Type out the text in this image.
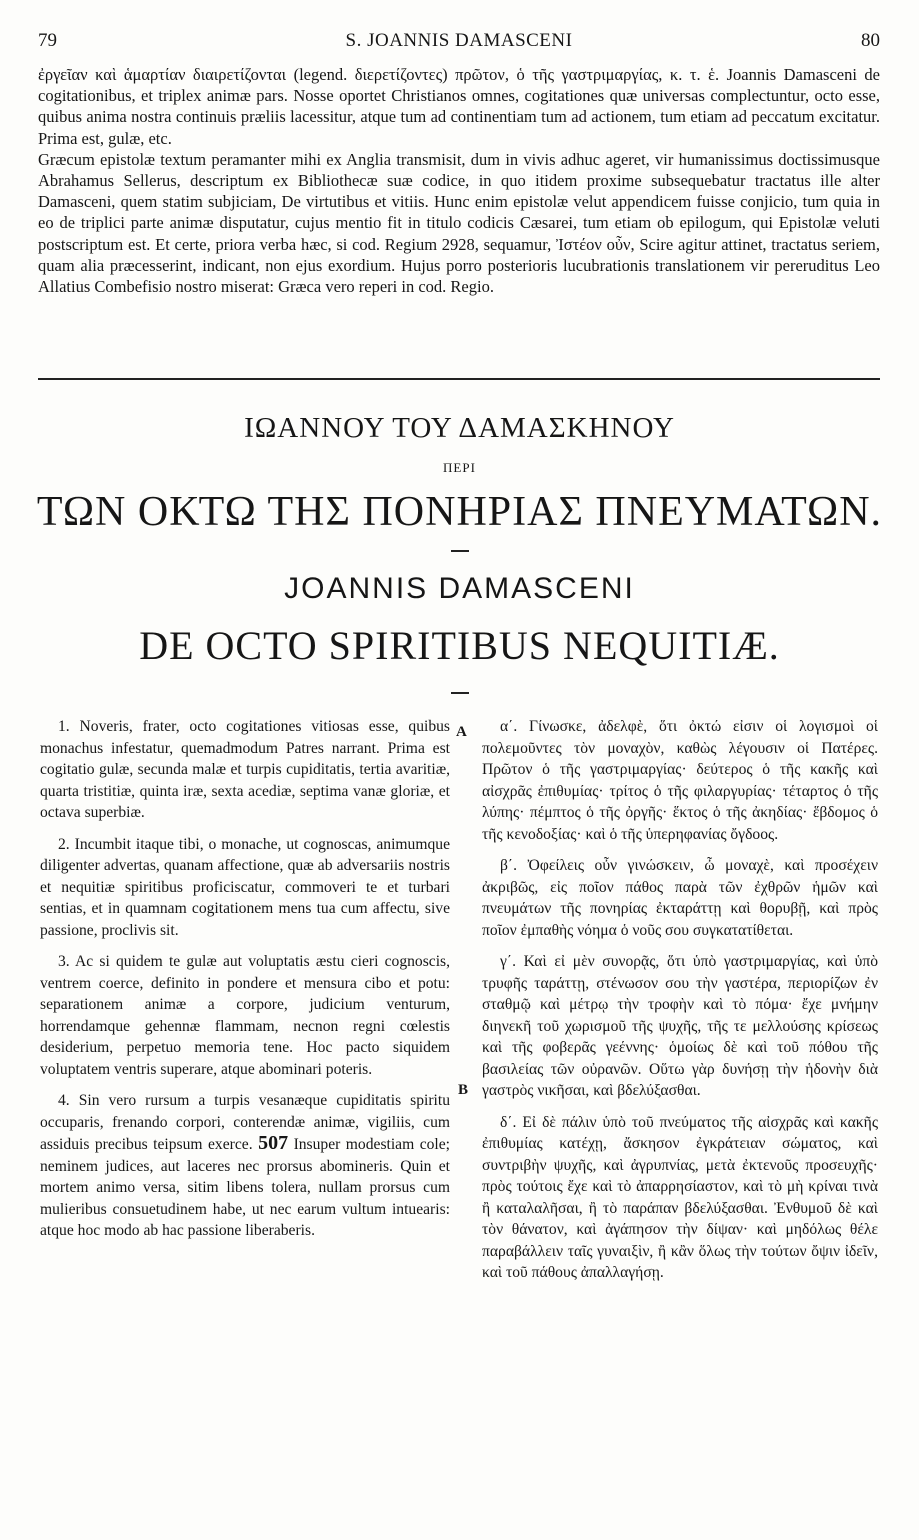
79	S. JOANNIS DAMASCENI	80

ἐργεῖαν καὶ ἁμαρτίαν διαιρετίζονται (legend. διερετίζοντες) πρῶτον, ὁ τῆς γαστριμαργίας, κ. τ. ἑ. Joannis Damasceni de cogitationibus, et triplex animæ pars. Nosse oportet Christianos omnes, cogitationes quæ universas complectuntur, octo esse, quibus anima nostra continuis præliis lacessitur, atque tum ad continentiam tum ad actionem, tum etiam ad peccatum excitatur. Prima est, gulæ, etc.

Græcum epistolæ textum peramanter mihi ex Anglia transmisit, dum in vivis adhuc ageret, vir humanissimus doctissimusque Abrahamus Sellerus, descriptum ex Bibliothecæ suæ codice, in quo itidem proxime subsequebatur tractatus ille alter Damasceni, quem statim subjiciam, De virtutibus et vitiis. Hunc enim epistolæ velut appendicem fuisse conjicio, tum quia in eo de triplici parte animæ disputatur, cujus mentio fit in titulo codicis Cæsarei, tum etiam ob epilogum, qui Epistolæ veluti postscriptum est. Et certe, priora verba hæc, si cod. Regium 2928, sequamur, Ἰστέον οὖν, Scire agitur attinet, tractatus seriem, quam alia præcesserint, indicant, non ejus exordium. Hujus porro posterioris lucubrationis translationem vir pereruditus Leo Allatius Combefisio nostro miserat: Græca vero reperi in cod. Regio.

ΙΩΑΝΝΟΥ ΤΟΥ ΔΑΜΑΣΚΗΝΟΥ
ΠΕΡΙ
ΤΩΝ ΟΚΤΩ ΤΗΣ ΠΟΝΗΡΙΑΣ ΠΝΕΥΜΑΤΩΝ.
JOANNIS DAMASCENI
DE OCTO SPIRITIBUS NEQUITIÆ.

1. Noveris, frater, octo cogitationes vitiosas esse, quibus monachus infestatur, quemadmodum Patres narrant. Prima est cogitatio gulæ, secunda malæ et turpis cupiditatis, tertia avaritiæ, quarta tristitiæ, quinta iræ, sexta acediæ, septima vanæ gloriæ, et octava superbiæ.

2. Incumbit itaque tibi, o monache, ut cognoscas, animumque diligenter advertas, quanam affectione, quæ ab adversariis nostris et nequitiæ spiritibus proficiscatur, commoveri te et turbari sentias, et in quamnam cogitationem mens tua cum affectu, sive passione, proclivis sit.

3. Ac si quidem te gulæ aut voluptatis æstu cieri cognoscis, ventrem coerce, definito in pondere et mensura cibo et potu: separationem animæ a corpore, judicium venturum, horrendamque gehennæ flammam, necnon regni cœlestis desiderium, perpetuo memoria tene. Hoc pacto siquidem voluptatem ventris superare, atque abominari poteris.

4. Sin vero rursum a turpis vesanæque cupiditatis spiritu occuparis, frenando corpori, conterendæ animæ, vigiliis, cum assiduis precibus teipsum exerce. 507 Insuper modestiam cole; neminem judices, aut laceres nec prorsus abominеris. Quin et mortem animo versa, sitim libens tolera, nullam prorsus cum mulieribus consuetudinem habe, ut nec earum vultum intuearis: atque hoc modo ab hac passione liberaberis.

A
B

α΄. Γίνωσκε, ἀδελφὲ, ὅτι ὀκτώ εἰσιν οἱ λογισμοὶ οἱ πολεμοῦντες τὸν μοναχὸν, καθὼς λέγουσιν οἱ Πατέρες. Πρῶτον ὁ τῆς γαστριμαργίας· δεύτερος ὁ τῆς κακῆς καὶ αἰσχρᾶς ἐπιθυμίας· τρίτος ὁ τῆς φιλαργυρίας· τέταρτος ὁ τῆς λύπης· πέμπτος ὁ τῆς ὀργῆς· ἕκτος ὁ τῆς ἀκηδίας· ἕβδομος ὁ τῆς κενοδοξίας· καὶ ὁ τῆς ὑπερηφανίας ὄγδοος.

β΄. Ὀφείλεις οὖν γινώσκειν, ὦ μοναχὲ, καὶ προσέχειν ἀκριβῶς, εἰς ποῖον πάθος παρὰ τῶν ἐχθρῶν ἡμῶν καὶ πνευμάτων τῆς πονηρίας ἐκταράττῃ καὶ θορυβῇ, καὶ πρὸς ποῖον ἐμπαθὴς νόημα ὁ νοῦς σου συγκατατίθεται.

γ΄. Καὶ εἰ μὲν συνορᾷς, ὅτι ὑπὸ γαστριμαργίας, καὶ ὑπὸ τρυφῆς ταράττῃ, στένωσον σου τὴν γαστέρα, περιορίζων ἐν σταθμῷ καὶ μέτρῳ τὴν τροφὴν καὶ τὸ πόμα· ἔχε μνήμην διηνεκῆ τοῦ χωρισμοῦ τῆς ψυχῆς, τῆς τε μελλούσης κρίσεως καὶ τῆς φοβερᾶς γεέννης· ὁμοίως δὲ καὶ τοῦ πόθου τῆς βασιλείας τῶν οὐρανῶν. Οὕτω γὰρ δυνήσῃ τὴν ἡδονὴν διὰ γαστρὸς νικῆσαι, καὶ βδελύξασθαι.

δ΄. Εἰ δὲ πάλιν ὑπὸ τοῦ πνεύματος τῆς αἰσχρᾶς καὶ κακῆς ἐπιθυμίας κατέχῃ, ἄσκησον ἐγκράτειαν σώματος, καὶ συντριβὴν ψυχῆς, καὶ ἀγρυπνίας, μετὰ ἐκτενοῦς προσευχῆς· πρὸς τούτοις ἔχε καὶ τὸ ἀπαρρησίαστον, καὶ τὸ μὴ κρίναι τινὰ ἢ καταλαλῆσαι, ἢ τὸ παράπαν βδελύξασθαι. Ἐνθυμοῦ δὲ καὶ τὸν θάνατον, καὶ ἀγάπησον τὴν δίψαν· καὶ μηδόλως θέλε παραβάλλειν ταῖς γυναιξὶν, ἢ κἂν ὅλως τὴν τούτων ὄψιν ἰδεῖν, καὶ τοῦ πάθους ἀπαλλαγήσῃ.
